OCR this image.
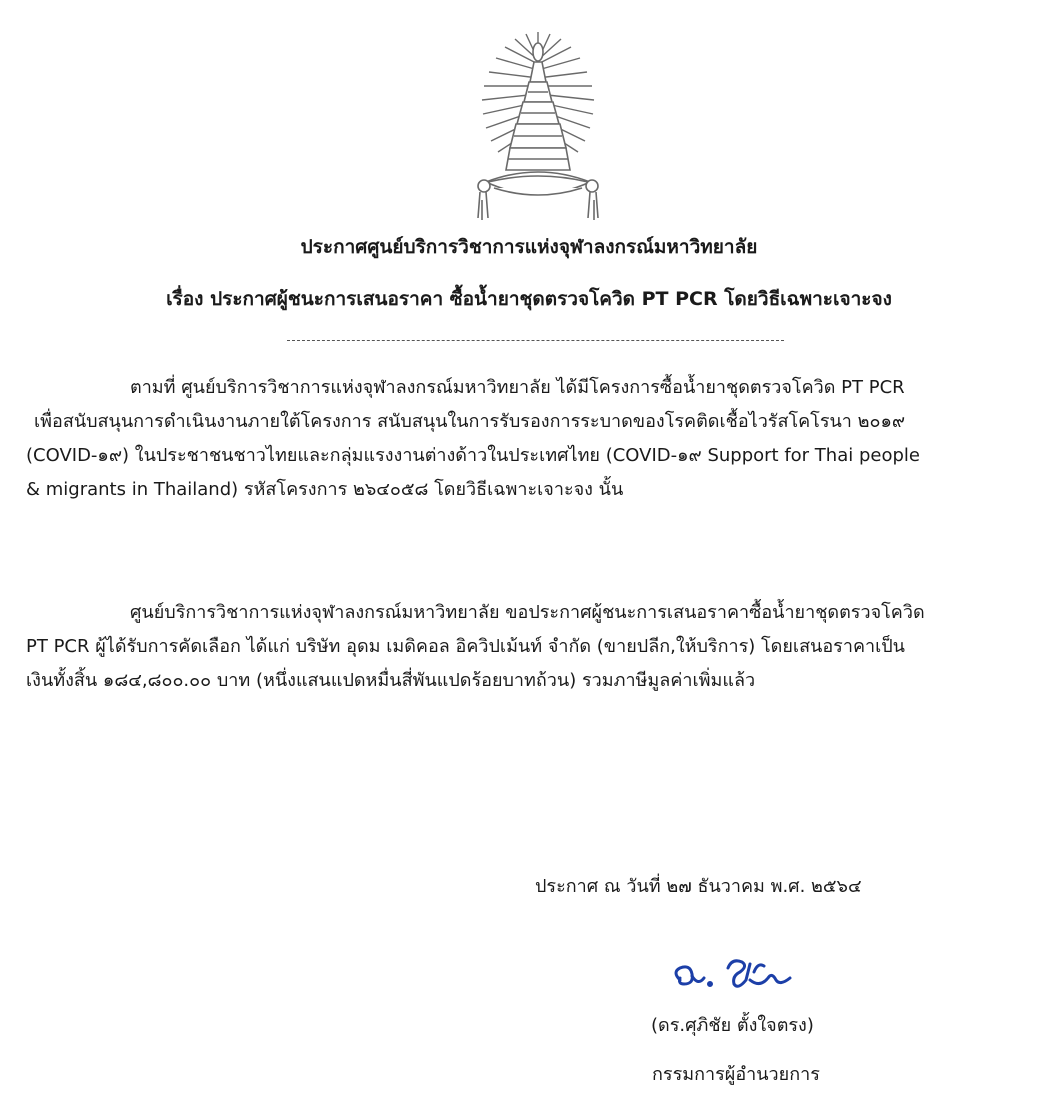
ประกาศศูนย์บริการวิชาการแห่งจุฬาลงกรณ์มหาวิทยาลัย
เรื่อง ประกาศผู้ชนะการเสนอราคา ซื้อน้ำยาชุดตรวจโควิด PT PCR โดยวิธีเฉพาะเจาะจง

ตามที่ ศูนย์บริการวิชาการแห่งจุฬาลงกรณ์มหาวิทยาลัย ได้มีโครงการซื้อน้ำยาชุดตรวจโควิด PT PCR
เพื่อสนับสนุนการดำเนินงานภายใต้โครงการ สนับสนุนในการรับรองการระบาดของโรคติดเชื้อไวรัสโคโรนา ๒๐๑๙
(COVID-๑๙) ในประชาชนชาวไทยและกลุ่มแรงงานต่างด้าวในประเทศไทย (COVID-๑๙ Support for Thai people
& migrants in Thailand) รหัสโครงการ ๒๖๔๐๕๘ โดยวิธีเฉพาะเจาะจง นั้น

ศูนย์บริการวิชาการแห่งจุฬาลงกรณ์มหาวิทยาลัย ขอประกาศผู้ชนะการเสนอราคาซื้อน้ำยาชุดตรวจโควิด
PT PCR ผู้ได้รับการคัดเลือก ได้แก่ บริษัท อุดม เมดิคอล อิควิปเม้นท์ จำกัด (ขายปลีก,ให้บริการ) โดยเสนอราคาเป็น
เงินทั้งสิ้น ๑๘๔,๘๐๐.๐๐ บาท (หนึ่งแสนแปดหมื่นสี่พันแปดร้อยบาทถ้วน) รวมภาษีมูลค่าเพิ่มแล้ว

ประกาศ ณ วันที่ ๒๗ ธันวาคม พ.ศ. ๒๕๖๔
(ดร.ศุภิชัย ตั้งใจตรง)
กรรมการผู้อำนวยการ
